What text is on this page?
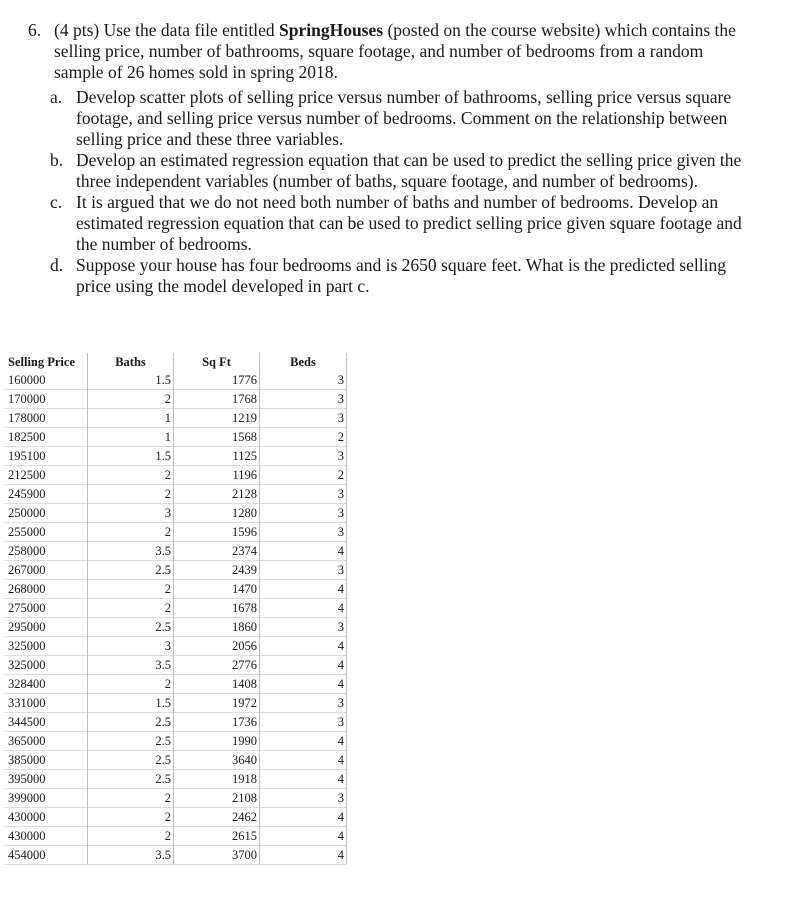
6. (4 pts) Use the data file entitled SpringHouses (posted on the course website) which contains the selling price, number of bathrooms, square footage, and number of bedrooms from a random sample of 26 homes sold in spring 2018.
a. Develop scatter plots of selling price versus number of bathrooms, selling price versus square footage, and selling price versus number of bedrooms. Comment on the relationship between selling price and these three variables.
b. Develop an estimated regression equation that can be used to predict the selling price given the three independent variables (number of baths, square footage, and number of bedrooms).
c. It is argued that we do not need both number of baths and number of bedrooms. Develop an estimated regression equation that can be used to predict selling price given square footage and the number of bedrooms.
d. Suppose your house has four bedrooms and is 2650 square feet. What is the predicted selling price using the model developed in part c.
Selling Price	Baths	Sq Ft	Beds
160000	1.5	1776	3
170000	2	1768	3
178000	1	1219	3
182500	1	1568	2
195100	1.5	1125	3
212500	2	1196	2
245900	2	2128	3
250000	3	1280	3
255000	2	1596	3
258000	3.5	2374	4
267000	2.5	2439	3
268000	2	1470	4
275000	2	1678	4
295000	2.5	1860	3
325000	3	2056	4
325000	3.5	2776	4
328400	2	1408	4
331000	1.5	1972	3
344500	2.5	1736	3
365000	2.5	1990	4
385000	2.5	3640	4
395000	2.5	1918	4
399000	2	2108	3
430000	2	2462	4
430000	2	2615	4
454000	3.5	3700	4
